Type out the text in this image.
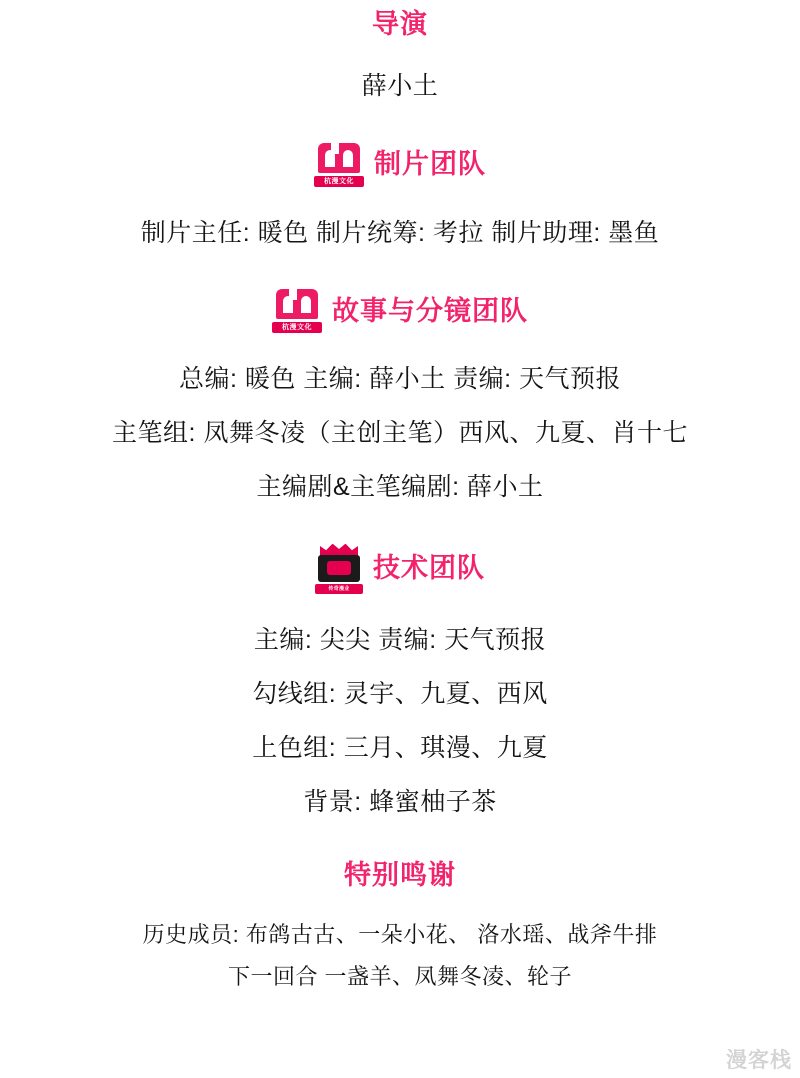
导演
薛小土
杭漫文化
制片团队
制片主任: 暖色 制片统筹: 考拉 制片助理: 墨鱼
杭漫文化
故事与分镜团队
总编: 暖色 主编: 薛小土 责编: 天气预报
主笔组: 凤舞冬凌（主创主笔）西风、九夏、肖十七
主编剧&主笔编剧: 薛小土
传奇漫业
技术团队
主编: 尖尖 责编: 天气预报
勾线组: 灵宇、九夏、西风
上色组: 三月、琪漫、九夏
背景: 蜂蜜柚子茶
特别鸣谢
历史成员: 布鸽古古、一朵小花、 洛水瑶、战斧牛排
下一回合 一盏羊、凤舞冬凌、轮子
漫客栈
